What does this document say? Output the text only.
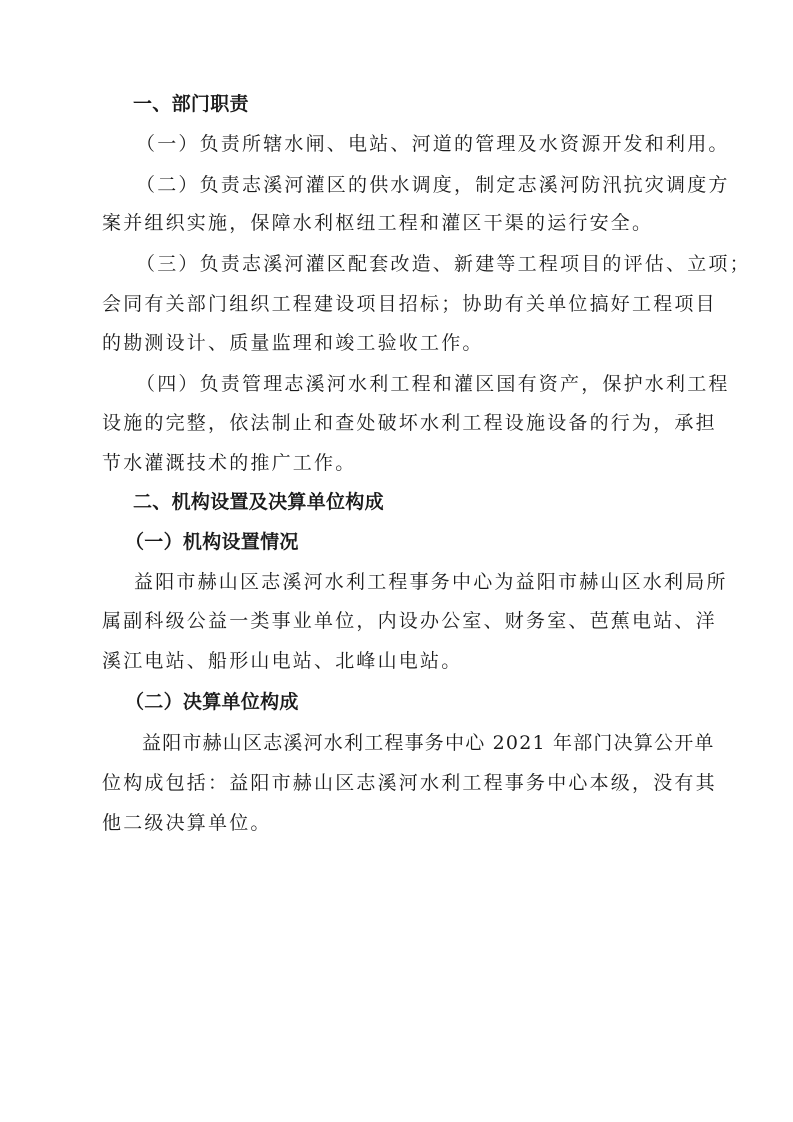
一、部门职责
（一）负责所辖水闸、电站、河道的管理及水资源开发和利用。
（二）负责志溪河灌区的供水调度，制定志溪河防汛抗灾调度方
案并组织实施，保障水利枢纽工程和灌区干渠的运行安全。
（三）负责志溪河灌区配套改造、新建等工程项目的评估、立项；
会同有关部门组织工程建设项目招标；协助有关单位搞好工程项目
的勘测设计、质量监理和竣工验收工作。
（四）负责管理志溪河水利工程和灌区国有资产，保护水利工程
设施的完整，依法制止和查处破坏水利工程设施设备的行为，承担
节水灌溉技术的推广工作。
二、机构设置及决算单位构成
（一）机构设置情况
益阳市赫山区志溪河水利工程事务中心为益阳市赫山区水利局所
属副科级公益一类事业单位，内设办公室、财务室、芭蕉电站、洋
溪江电站、船形山电站、北峰山电站。
（二）决算单位构成
益阳市赫山区志溪河水利工程事务中心 2021 年部门决算公开单
位构成包括：益阳市赫山区志溪河水利工程事务中心本级，没有其
他二级决算单位。
